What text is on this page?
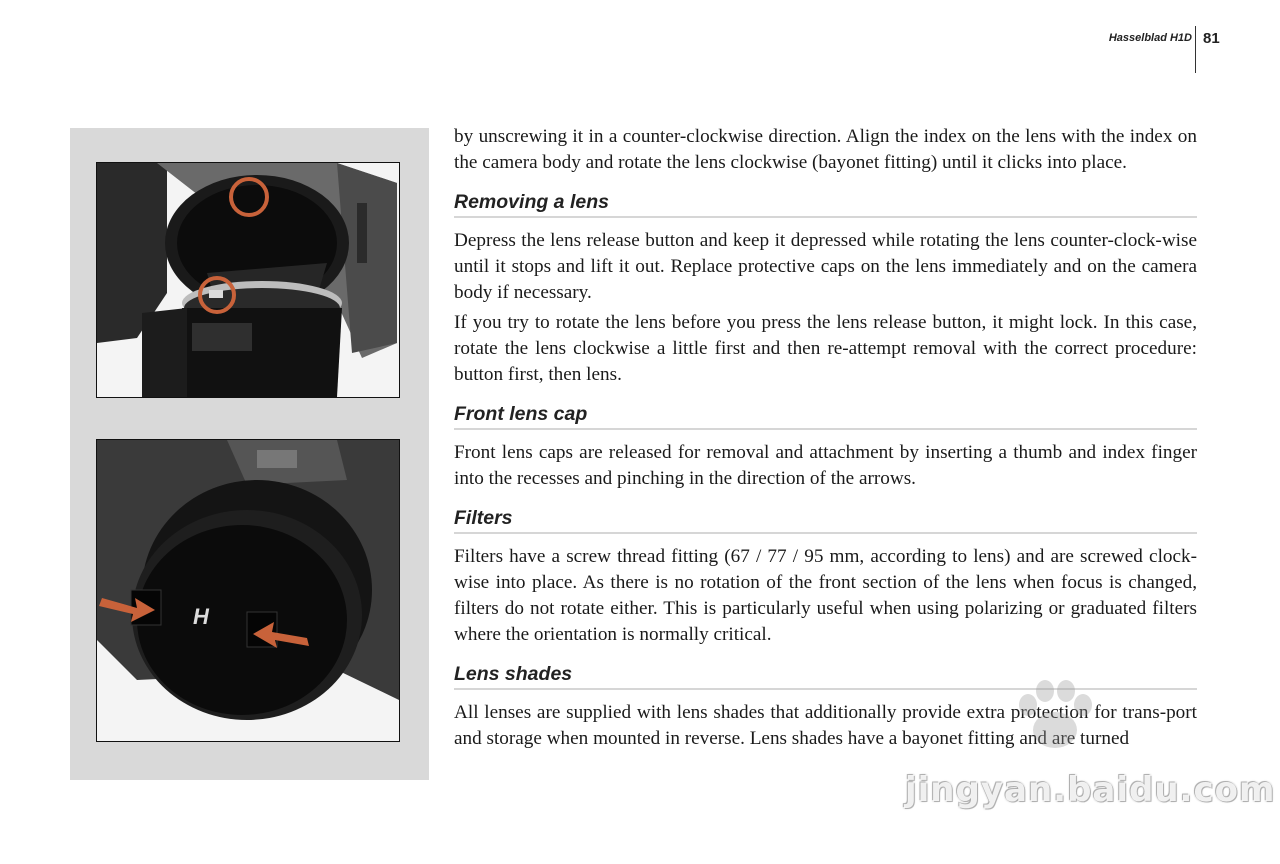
Hasselblad H1D 81
H

by unscrewing it in a counter-clockwise direction. Align the index on the lens with the index on the camera body and rotate the lens clockwise (bayonet fitting) until it clicks into place.

Removing a lens

Depress the lens release button and keep it depressed while rotating the lens counter-clock-wise until it stops and lift it out. Replace protective caps on the lens immediately and on the camera body if necessary.

If you try to rotate the lens before you press the lens release button, it might lock. In this case, rotate the lens clockwise a little first and then re-attempt removal with the correct procedure: button first, then lens.

Front lens cap

Front lens caps are released for removal and attachment by inserting a thumb and index finger into the recesses and pinching in the direction of the arrows.

Filters

Filters have a screw thread fitting (67 / 77 / 95 mm, according to lens) and are screwed clock-wise into place. As there is no rotation of the front section of the lens when focus is changed, filters do not rotate either. This is particularly useful when using polarizing or graduated filters where the orientation is normally critical.

Lens shades

All lenses are supplied with lens shades that additionally provide extra protection for trans-port and storage when mounted in reverse. Lens shades have a bayonet fitting and are turned

jingyan.baidu.com
